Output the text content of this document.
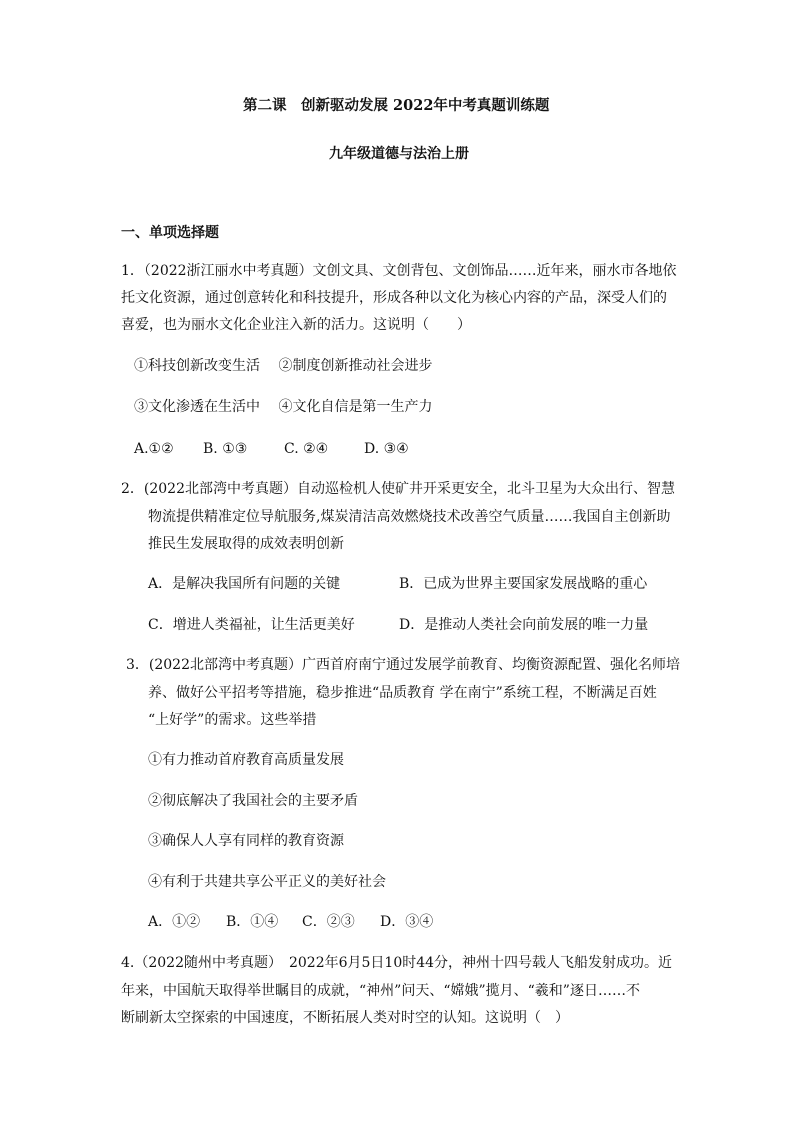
第二课　创新驱动发展 2022年中考真题训练题
九年级道德与法治上册
一、单项选择题
1．（2022浙江丽水中考真题）文创文具、文创背包、文创饰品……近年来，丽水市各地依
托文化资源，通过创意转化和科技提升，形成各种以文化为核心内容的产品，深受人们的
喜爱，也为丽水文化企业注入新的活力。这说明（　　）
①科技创新改变生活　 ②制度创新推动社会进步
③文化渗透在生活中　 ④文化自信是第一生产力
A.①② B. ①③	C. ②④	D. ③④
2．(2022北部湾中考真题）自动巡检机人使矿井开采更安全，北斗卫星为大众出行、智慧
物流提供精准定位导航服务,煤炭清洁高效燃烧技术改善空气质量……我国自主创新助
推民生发展取得的成效表明创新
A．是解决我国所有问题的关键	B．已成为世界主要国家发展战略的重心
C．增进人类福祉，让生活更美好	D．是推动人类社会向前发展的唯一力量
3．(2022北部湾中考真题）广西首府南宁通过发展学前教育、均衡资源配置、强化名师培
养、做好公平招考等措施，稳步推进“品质教育 学在南宁”系统工程，不断满足百姓
“上好学”的需求。这些举措
①有力推动首府教育高质量发展
②彻底解决了我国社会的主要矛盾
③确保人人享有同样的教育资源
④有利于共建共享公平正义的美好社会
A．①② B．①④ C．②③ D．③④
4.（2022随州中考真题）　2022年6月5日10时44分，神州十四号载人飞船发射成功。近
年来，中国航天取得举世瞩目的成就，“神州”问天、“嫦娥”揽月、“羲和”逐日……不
断刷新太空探索的中国速度，不断拓展人类对时空的认知。这说明（　）
